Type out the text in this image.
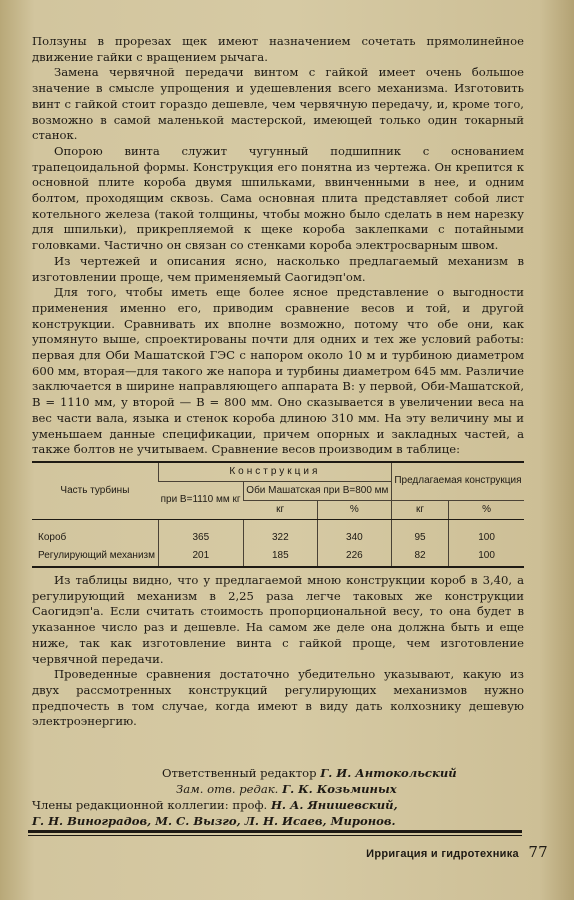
Ползуны в прорезах щек имеют назначением сочетать прямолинейное движение гайки с вращением рычага.

Замена червячной передачи винтом с гайкой имеет очень большое значение в смысле упрощения и удешевления всего механизма. Изготовить винт с гайкой стоит гораздо дешевле, чем червячную передачу, и, кроме того, возможно в самой маленькой мастерской, имеющей только один токарный станок.

Опорою винта служит чугунный подшипник с основанием трапецоидальной формы. Конструкция его понятна из чертежа. Он крепится к основной плите короба двумя шпильками, ввинченными в нее, и одним болтом, проходящим сквозь. Сама основная плита представляет собой лист котельного железа (такой толщины, чтобы можно было сделать в нем нарезку для шпильки), прикрепляемой к щеке короба заклепками с потайными головками. Частично он связан со стенками короба электросварным швом.

Из чертежей и описания ясно, насколько предлагаемый механизм в изготовлении проще, чем применяемый Саогидэп'ом.

Для того, чтобы иметь еще более ясное представление о выгодности применения именно его, приводим сравнение весов и той, и другой конструкции. Сравнивать их вполне возможно, потому что обе они, как упомянуто выше, спроектированы почти для одних и тех же условий работы: первая для Оби Машатской ГЭС с напором около 10 м и турбиною диаметром 600 мм, вторая—для такого же напора и турбины диаметром 645 мм. Различие заключается в ширине направляющего аппарата B: у первой, Оби-Машатской, B = 1110 мм, у второй — B = 800 мм. Оно сказывается в увеличении веса на вес части вала, языка и стенок короба длиною 310 мм. На эту величину мы и уменьшаем данные спецификации, причем опорных и закладных частей, а также болтов не учитываем. Сравнение весов производим в таблице:

Часть турбины	Конструкция			Предлагаемая конструкция	
	при B=1110 мм кг	Оби Машатская при B=800 мм			
		кг	%	кг	%
Короб	365	322	340	95	100
Регулирующий механизм	201	185	226	82	100

Из таблицы видно, что у предлагаемой мною конструкции короб в 3,40, а регулирующий механизм в 2,25 раза легче таковых же конструкции Саогидэп'а. Если считать стоимость пропорциональной весу, то она будет в указанное число раз и дешевле. На самом же деле она должна быть и еще ниже, так как изготовление винта с гайкой проще, чем изготовление червячной передачи.

Проведенные сравнения достаточно убедительно указывают, какую из двух рассмотренных конструкций регулирующих механизмов нужно предпочесть в том случае, когда имеют в виду дать колхознику дешевую электроэнергию.

Ответственный редактор Г. И. Антокольский
Зам. отв. редак. Г. К. Козьминых
Члены редакционной коллегии: проф. Н. А. Янишевский,
Г. Н. Виноградов, М. С. Вызго, Л. Н. Исаев, Миронов.
Ирригация и гидротехника 77
